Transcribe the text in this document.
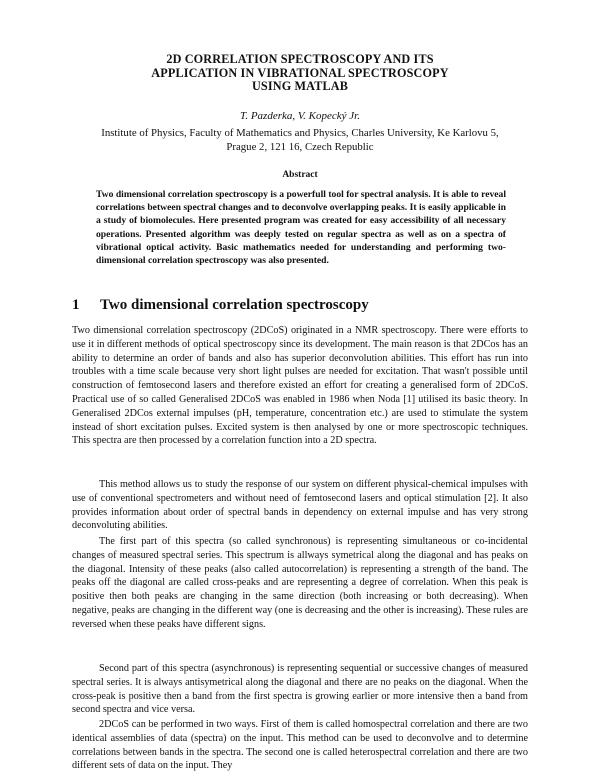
2D CORRELATION SPECTROSCOPY AND ITS
APPLICATION IN VIBRATIONAL SPECTROSCOPY
USING MATLAB
T. Pazderka, V. Kopecký Jr.
Institute of Physics, Faculty of Mathematics and Physics, Charles University, Ke Karlovu 5,
Prague 2, 121 16, Czech Republic
Abstract
Two dimensional correlation spectroscopy is a powerfull tool for spectral analysis. It is able to reveal correlations between spectral changes and to deconvolve overlapping peaks. It is easily applicable in a study of biomolecules. Here presented program was created for easy accessibility of all necessary operations. Presented algorithm was deeply tested on regular spectra as well as on a spectra of vibrational optical activity. Basic mathematics needed for understanding and performing two-dimensional correlation spectroscopy was also presented.
1 Two dimensional correlation spectroscopy

Two dimensional correlation spectroscopy (2DCoS) originated in a NMR spectroscopy. There were efforts to use it in different methods of optical spectroscopy since its development. The main reason is that 2DCos has an ability to determine an order of bands and also has superior deconvolution abilities. This effort has run into troubles with a time scale because very short light pulses are needed for excitation. That wasn't possible until construction of femtosecond lasers and therefore existed an effort for creating a generalised form of 2DCoS. Practical use of so called Generalised 2DCoS was enabled in 1986 when Noda [1] utilised its basic theory. In Generalised 2DCos external impulses (pH, temperature, concentration etc.) are used to stimulate the system instead of short excitation pulses. Excited system is then analysed by one or more spectroscopic techniques. This spectra are then processed by a correlation function into a 2D spectra.

This method allows us to study the response of our system on different physical-chemical impulses with use of conventional spectrometers and without need of femtosecond lasers and optical stimulation [2]. It also provides information about order of spectral bands in dependency on external impulse and has very strong deconvoluting abilities.

The first part of this spectra (so called synchronous) is representing simultaneous or co-incidental changes of measured spectral series. This spectrum is allways symetrical along the diagonal and has peaks on the diagonal. Intensity of these peaks (also called autocorrelation) is representing a strength of the band. The peaks off the diagonal are called cross-peaks and are representing a degree of correlation. When this peak is positive then both peaks are changing in the same direction (both increasing or both decreasing). When negative, peaks are changing in the different way (one is decreasing and the other is increasing). These rules are reversed when these peaks have different signs.

Second part of this spectra (asynchronous) is representing sequential or successive changes of measured spectral series. It is always antisymetrical along the diagonal and there are no peaks on the diagonal. When the cross-peak is positive then a band from the first spectra is growing earlier or more intensive then a band from second spectra and vice versa.

2DCoS can be performed in two ways. First of them is called homospectral correlation and there are two identical assemblies of data (spectra) on the input. This method can be used to deconvolve and to determine correlations between bands in the spectra. The second one is called heterospectral correlation and there are two different sets of data on the input. They
